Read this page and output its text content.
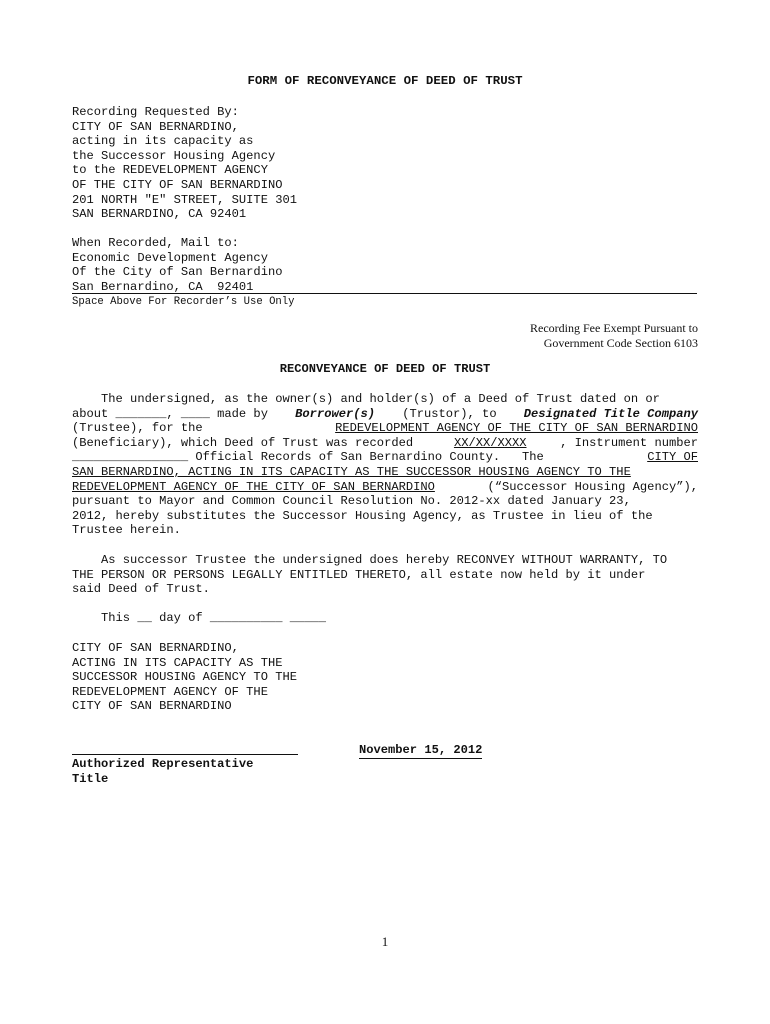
FORM OF RECONVEYANCE OF DEED OF TRUST
Recording Requested By:
CITY OF SAN BERNARDINO,
acting in its capacity as
the Successor Housing Agency
to the REDEVELOPMENT AGENCY
OF THE CITY OF SAN BERNARDINO
201 NORTH "E" STREET, SUITE 301
SAN BERNARDINO, CA 92401
When Recorded, Mail to:
Economic Development Agency
Of the City of San Bernardino
San Bernardino, CA  92401
Space Above For Recorder’s Use Only
Recording Fee Exempt Pursuant to
Government Code Section 6103
RECONVEYANCE OF DEED OF TRUST
The undersigned, as the owner(s) and holder(s) of a Deed of Trust dated on or
about _______, ____ made by Borrower(s) (Trustor), to Designated Title Company
(Trustee), for the	REDEVELOPMENT AGENCY OF THE CITY OF SAN BERNARDINO
(Beneficiary), which Deed of Trust was recorded	XX/XX/XXXX	, Instrument number
________________ Official Records of San Bernardino County.   The	CITY OF
SAN BERNARDINO, ACTING IN ITS CAPACITY AS THE SUCCESSOR HOUSING AGENCY TO THE
REDEVELOPMENT AGENCY OF THE CITY OF SAN BERNARDINO	(“Successor Housing Agency”),
pursuant to Mayor and Common Council Resolution No. 2012-xx dated January 23,
2012, hereby substitutes the Successor Housing Agency, as Trustee in lieu of the
Trustee herein.
As successor Trustee the undersigned does hereby RECONVEY WITHOUT WARRANTY, TO
THE PERSON OR PERSONS LEGALLY ENTITLED THERETO, all estate now held by it under
said Deed of Trust.
This __ day of __________ _____
CITY OF SAN BERNARDINO,
ACTING IN ITS CAPACITY AS THE
SUCCESSOR HOUSING AGENCY TO THE
REDEVELOPMENT AGENCY OF THE
CITY OF SAN BERNARDINO
November 15, 2012
Authorized Representative
Title
1
